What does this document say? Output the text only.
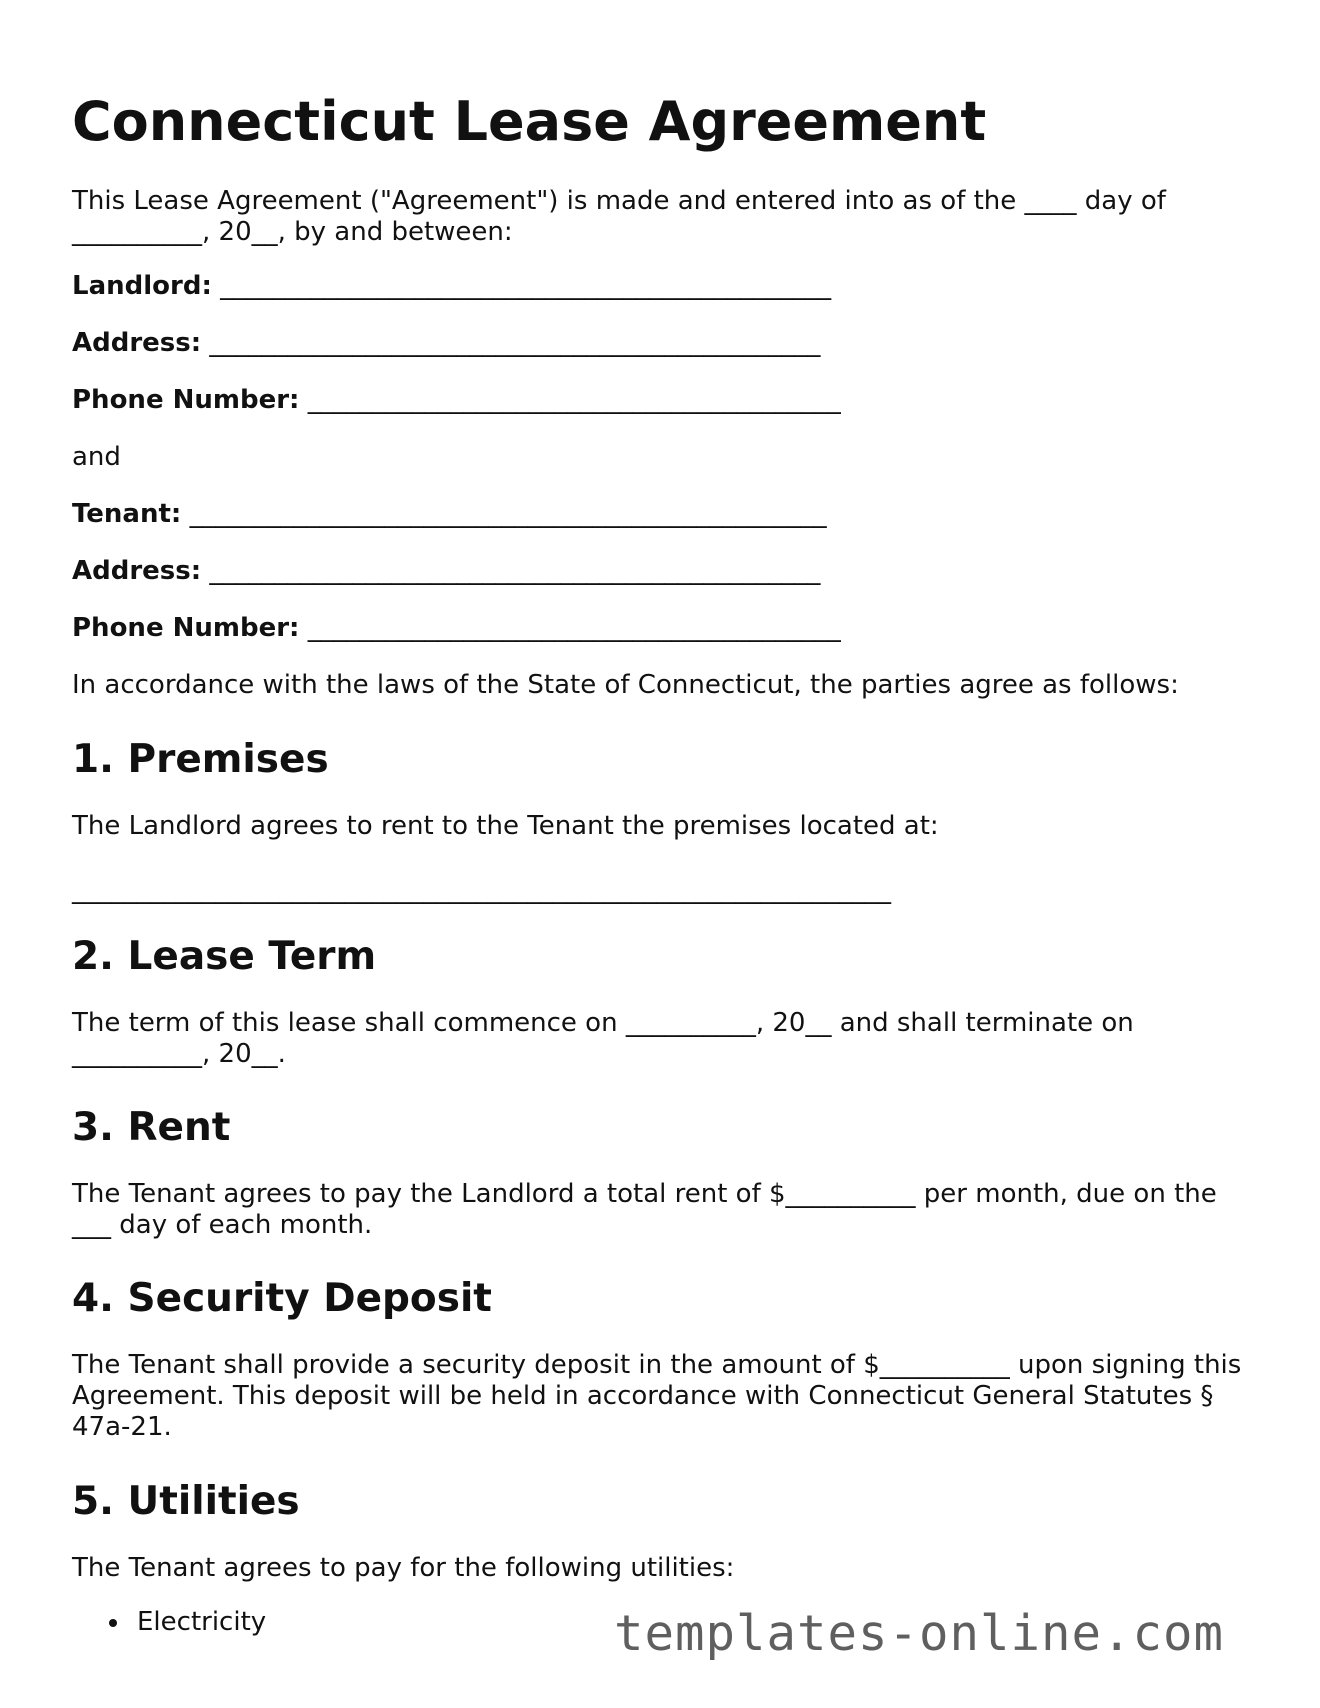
Connecticut Lease Agreement

This Lease Agreement ("Agreement") is made and entered into as of the ____ day of __________, 20__, by and between:

Landlord: _______________________________________________

Address: _______________________________________________

Phone Number: _________________________________________

and

Tenant: _________________________________________________

Address: _______________________________________________

Phone Number: _________________________________________

In accordance with the laws of the State of Connecticut, the parties agree as follows:

1. Premises

The Landlord agrees to rent to the Tenant the premises located at:

_______________________________________________________________

2. Lease Term

The term of this lease shall commence on __________, 20__ and shall terminate on __________, 20__.

3. Rent

The Tenant agrees to pay the Landlord a total rent of $__________ per month, due on the ___ day of each month.

4. Security Deposit

The Tenant shall provide a security deposit in the amount of $__________ upon signing this Agreement. This deposit will be held in accordance with Connecticut General Statutes § 47a-21.

5. Utilities

The Tenant agrees to pay for the following utilities:

Electricity	templates-online.com
